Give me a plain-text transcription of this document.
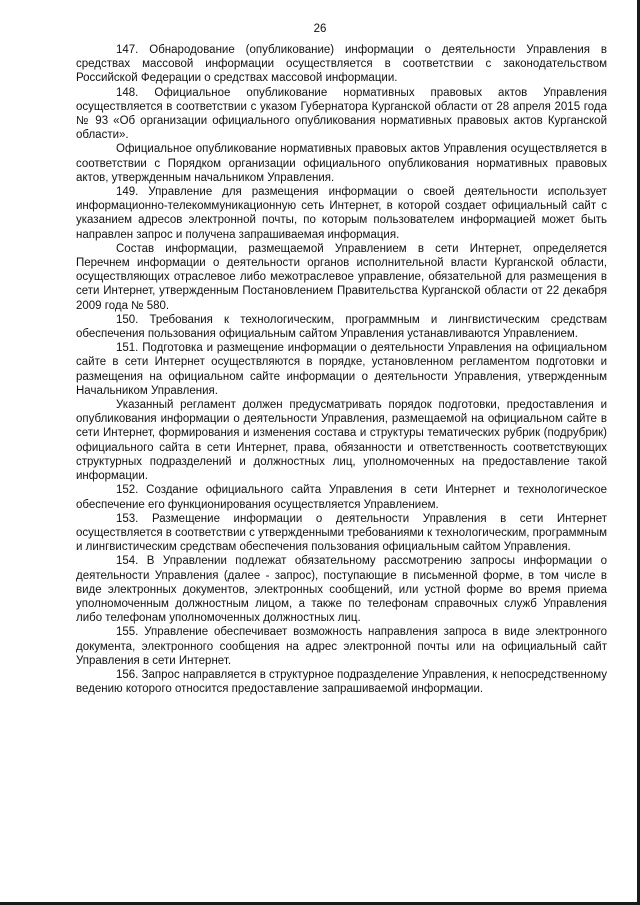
26

147. Обнародование (опубликование) информации о деятельности Управления в средствах массовой информации осуществляется в соответствии с законодательством Российской Федерации о средствах массовой информации.

148. Официальное опубликование нормативных правовых актов Управления осуществляется в соответствии с указом Губернатора Курганской области от 28 апреля 2015 года № 93 «Об организации официального опубликования нормативных правовых актов Курганской области».

Официальное опубликование нормативных правовых актов Управления осуществляется в соответствии с Порядком организации официального опубликования нормативных правовых актов, утвержденным начальником Управления.

149. Управление для размещения информации о своей деятельности использует информационно-телекоммуникационную сеть Интернет, в которой создает официальный сайт с указанием адресов электронной почты, по которым пользователем информацией может быть направлен запрос и получена запрашиваемая информация.

Состав информации, размещаемой Управлением в сети Интернет, определяется Перечнем информации о деятельности органов исполнительной власти Курганской области, осуществляющих отраслевое либо межотраслевое управление, обязательной для размещения в сети Интернет, утвержденным Постановлением Правительства Курганской области от 22 декабря 2009 года № 580.

150. Требования к технологическим, программным и лингвистическим средствам обеспечения пользования официальным сайтом Управления устанавливаются Управлением.

151. Подготовка и размещение информации о деятельности Управления на официальном сайте в сети Интернет осуществляются в порядке, установленном регламентом подготовки и размещения на официальном сайте информации о деятельности Управления, утвержденным Начальником Управления.

Указанный регламент должен предусматривать порядок подготовки, предоставления и опубликования информации о деятельности Управления, размещаемой на официальном сайте в сети Интернет, формирования и изменения состава и структуры тематических рубрик (подрубрик) официального сайта в сети Интернет, права, обязанности и ответственность соответствующих структурных подразделений и должностных лиц, уполномоченных на предоставление такой информации.

152. Создание официального сайта Управления в сети Интернет и технологическое обеспечение его функционирования осуществляется Управлением.

153. Размещение информации о деятельности Управления в сети Интернет осуществляется в соответствии с утвержденными требованиями к технологическим, программным и лингвистическим средствам обеспечения пользования официальным сайтом Управления.

154. В Управлении подлежат обязательному рассмотрению запросы информации о деятельности Управления (далее - запрос), поступающие в письменной форме, в том числе в виде электронных документов, электронных сообщений, или устной форме во время приема уполномоченным должностным лицом, а также по телефонам справочных служб Управления либо телефонам уполномоченных должностных лиц.

155. Управление обеспечивает возможность направления запроса в виде электронного документа, электронного сообщения на адрес электронной почты или на официальный сайт Управления в сети Интернет.

156. Запрос направляется в структурное подразделение Управления, к непосредственному ведению которого относится предоставление запрашиваемой информации.
